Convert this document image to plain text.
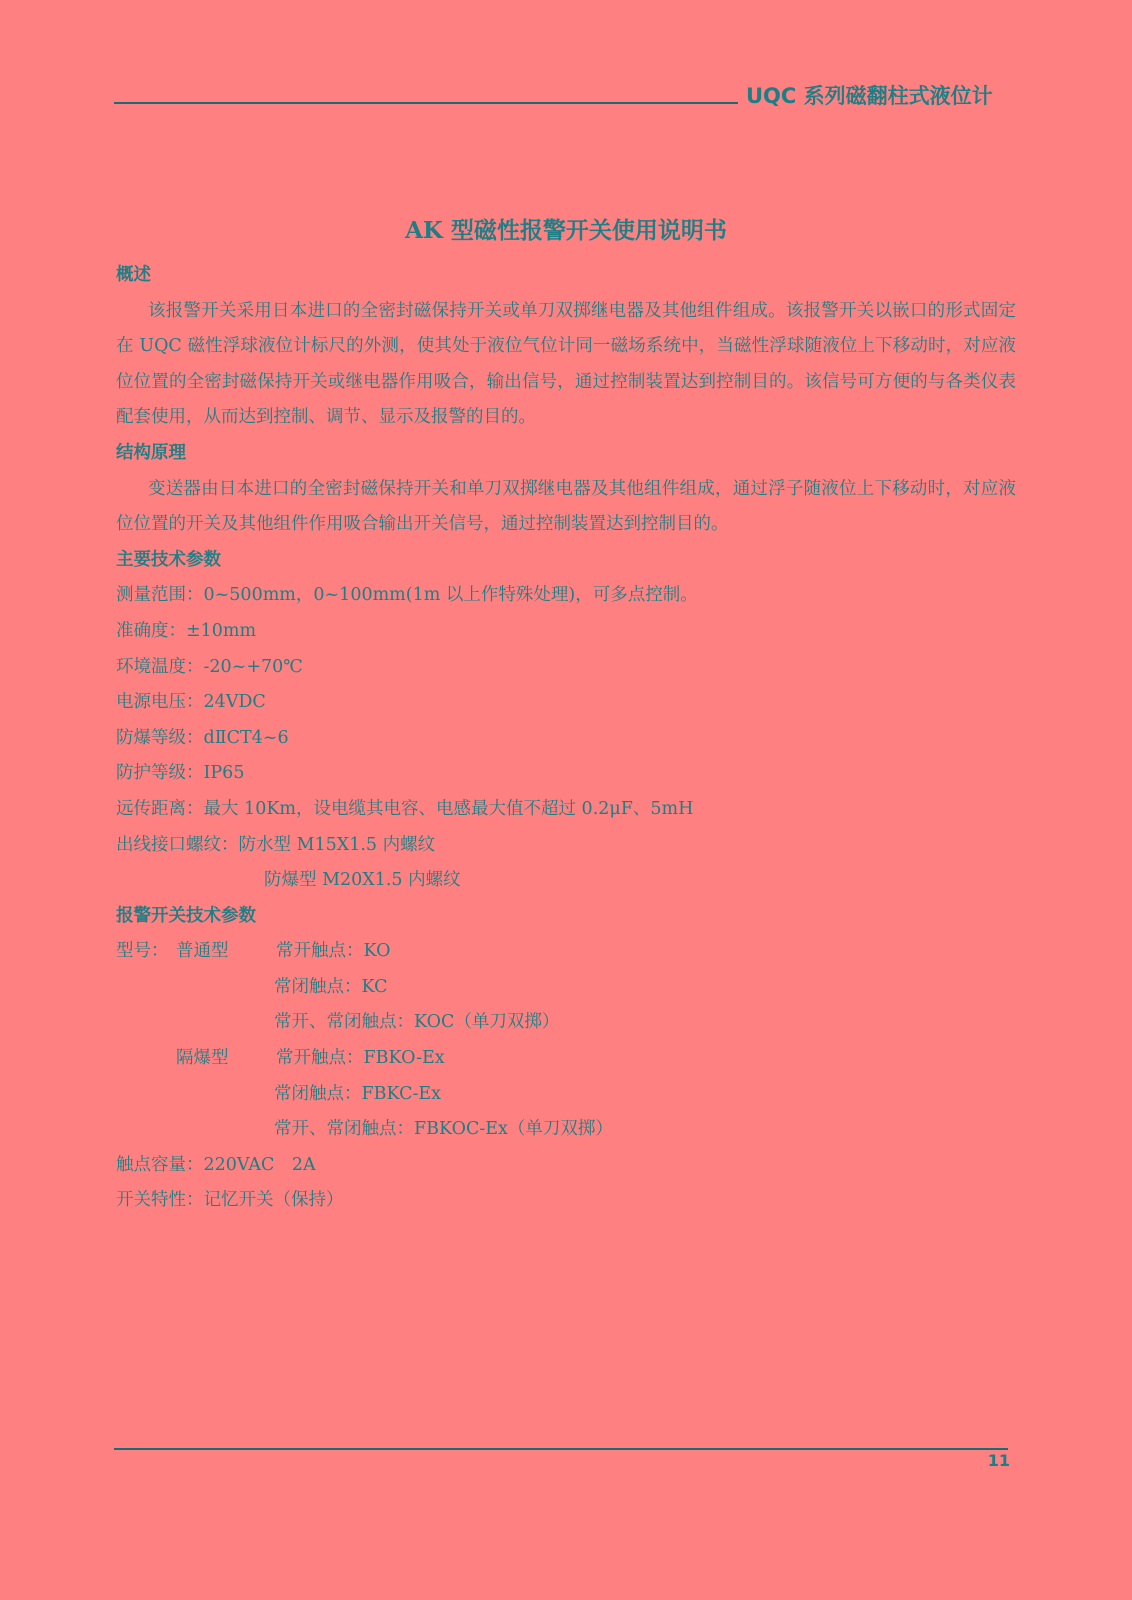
UQC 系列磁翻柱式液位计
AK 型磁性报警开关使用说明书
概述
该报警开关采用日本进口的全密封磁保持开关或单刀双掷继电器及其他组件组成。该报警开关以嵌口的形式固定在 UQC 磁性浮球液位计标尺的外测，使其处于液位气位计同一磁场系统中，当磁性浮球随液位上下移动时，对应液位位置的全密封磁保持开关或继电器作用吸合，输出信号，通过控制装置达到控制目的。该信号可方便的与各类仪表配套使用，从而达到控制、调节、显示及报警的目的。
结构原理
变送器由日本进口的全密封磁保持开关和单刀双掷继电器及其他组件组成，通过浮子随液位上下移动时，对应液位位置的开关及其他组件作用吸合输出开关信号，通过控制装置达到控制目的。
主要技术参数
测量范围：0~500mm，0~100mm(1m 以上作特殊处理)，可多点控制。
准确度：±10mm
环境温度：-20~+70℃
电源电压：24VDC
防爆等级：dⅡCT4~6
防护等级：IP65
远传距离：最大 10Km，设电缆其电容、电感最大值不超过 0.2μF、5mH
出线接口螺纹： 防水型 M15X1.5 内螺纹
防爆型 M20X1.5 内螺纹
报警开关技术参数
型号： 普通型	常开触点：KO
常闭触点：KC
常开、常闭触点：KOC（单刀双掷）
隔爆型	常开触点：FBKO-Ex
常闭触点：FBKC-Ex
常开、常闭触点：FBKOC-Ex（单刀双掷）
触点容量：220VAC　2A
开关特性：记忆开关（保持）
11
